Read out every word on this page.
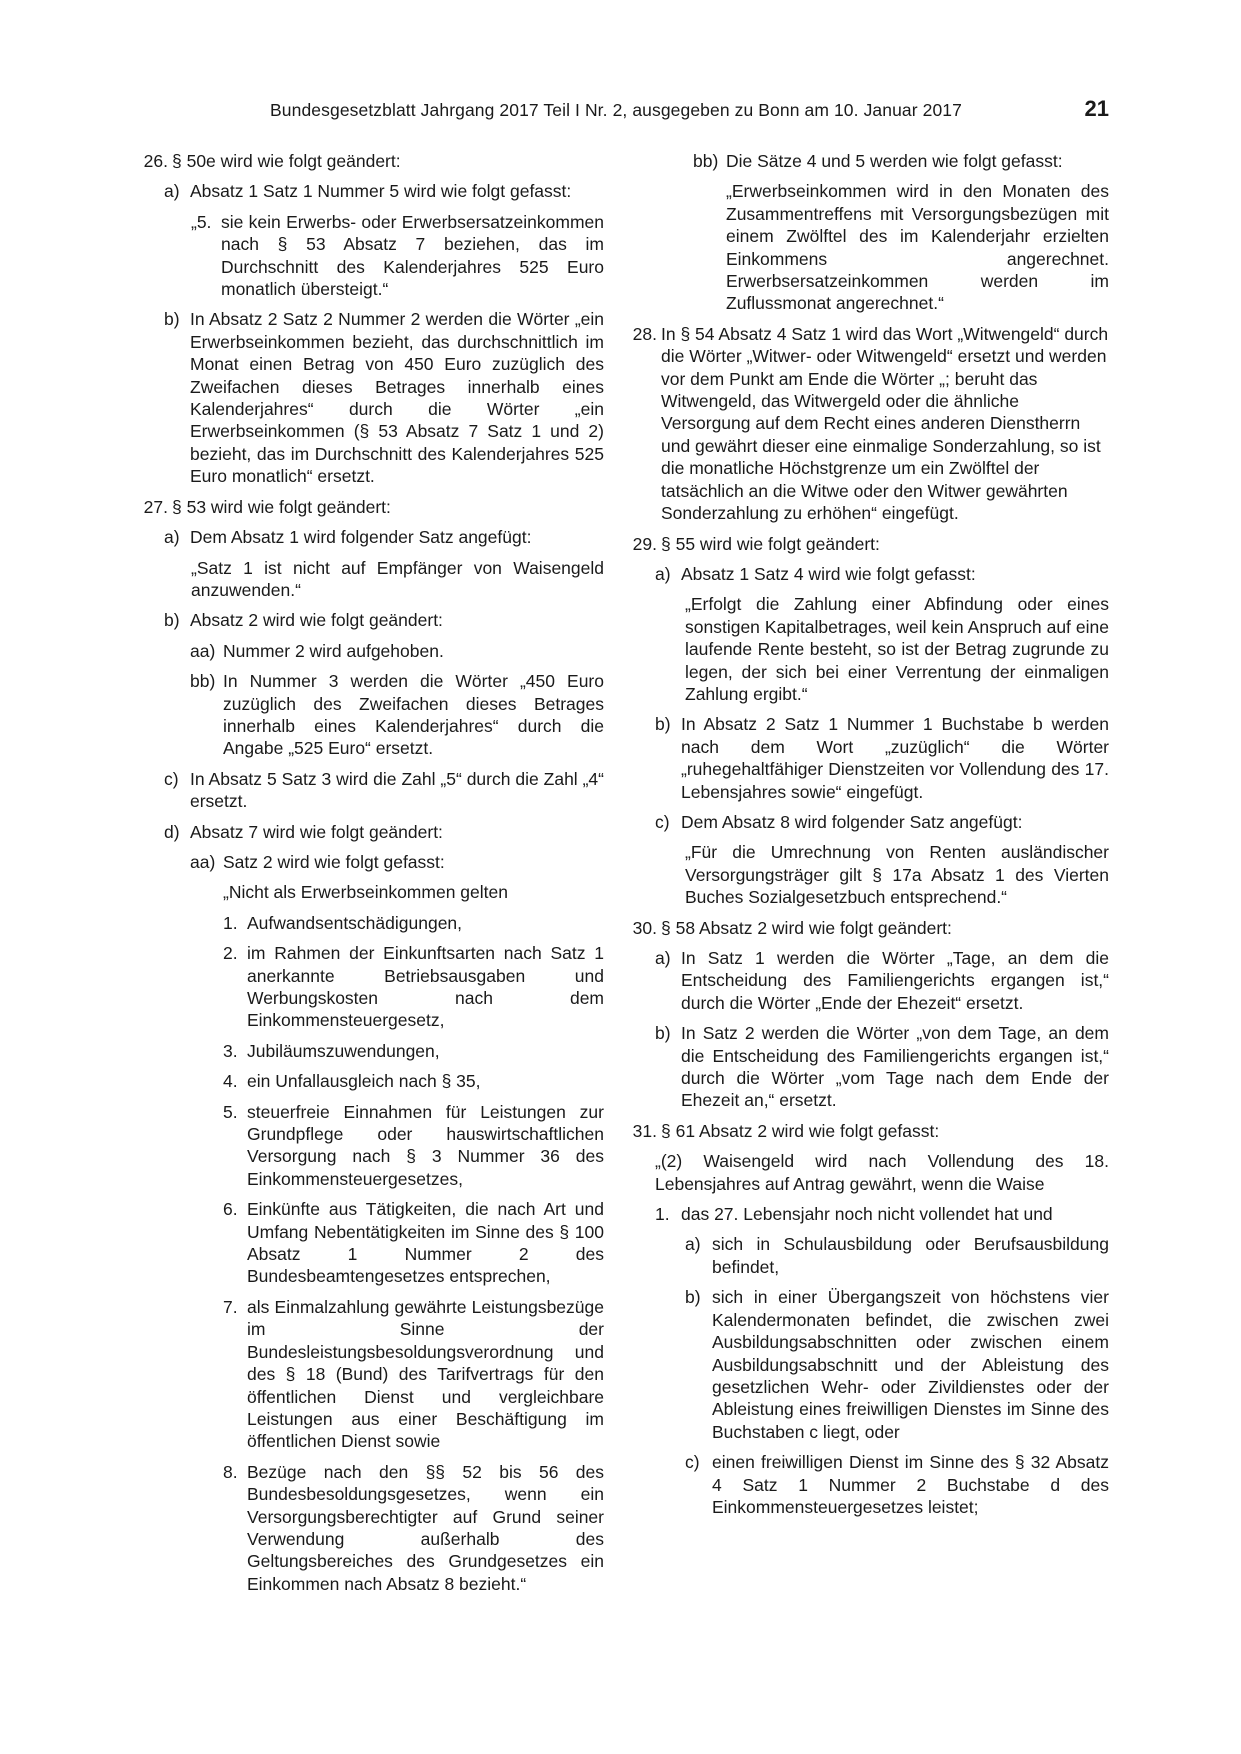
Bundesgesetzblatt Jahrgang 2017 Teil I Nr. 2, ausgegeben zu Bonn am 10. Januar 2017	21
26. § 50e wird wie folgt geändert:
a) Absatz 1 Satz 1 Nummer 5 wird wie folgt gefasst:
„5. sie kein Erwerbs- oder Erwerbsersatzeinkommen nach § 53 Absatz 7 beziehen, das im Durchschnitt des Kalenderjahres 525 Euro monatlich übersteigt.“
b) In Absatz 2 Satz 2 Nummer 2 werden die Wörter „ein Erwerbseinkommen bezieht, das durchschnittlich im Monat einen Betrag von 450 Euro zuzüglich des Zweifachen dieses Betrages innerhalb eines Kalenderjahres“ durch die Wörter „ein Erwerbseinkommen (§ 53 Absatz 7 Satz 1 und 2) bezieht, das im Durchschnitt des Kalenderjahres 525 Euro monatlich“ ersetzt.
27. § 53 wird wie folgt geändert:
a) Dem Absatz 1 wird folgender Satz angefügt:

„Satz 1 ist nicht auf Empfänger von Waisengeld anzuwenden.“

b) Absatz 2 wird wie folgt geändert:
aa) Nummer 2 wird aufgehoben.
bb) In Nummer 3 werden die Wörter „450 Euro zuzüglich des Zweifachen dieses Betrages innerhalb eines Kalenderjahres“ durch die Angabe „525 Euro“ ersetzt.
c) In Absatz 5 Satz 3 wird die Zahl „5“ durch die Zahl „4“ ersetzt.
d) Absatz 7 wird wie folgt geändert:
aa) Satz 2 wird wie folgt gefasst:

„Nicht als Erwerbseinkommen gelten

1. Aufwandsentschädigungen,
2. im Rahmen der Einkunftsarten nach Satz 1 anerkannte Betriebsausgaben und Werbungskosten nach dem Einkommensteuergesetz,
3. Jubiläumszuwendungen,
4. ein Unfallausgleich nach § 35,
5. steuerfreie Einnahmen für Leistungen zur Grundpflege oder hauswirtschaftlichen Versorgung nach § 3 Nummer 36 des Einkommensteuergesetzes,
6. Einkünfte aus Tätigkeiten, die nach Art und Umfang Nebentätigkeiten im Sinne des § 100 Absatz 1 Nummer 2 des Bundesbeamtengesetzes entsprechen,
7. als Einmalzahlung gewährte Leistungsbezüge im Sinne der Bundesleistungsbesoldungsverordnung und des § 18 (Bund) des Tarifvertrags für den öffentlichen Dienst und vergleichbare Leistungen aus einer Beschäftigung im öffentlichen Dienst sowie
8. Bezüge nach den §§ 52 bis 56 des Bundesbesoldungsgesetzes, wenn ein Versorgungsberechtigter auf Grund seiner Verwendung außerhalb des Geltungsbereiches des Grundgesetzes ein Einkommen nach Absatz 8 bezieht.“
bb) Die Sätze 4 und 5 werden wie folgt gefasst:

„Erwerbseinkommen wird in den Monaten des Zusammentreffens mit Versorgungsbezügen mit einem Zwölftel des im Kalenderjahr erzielten Einkommens angerechnet. Erwerbsersatzeinkommen werden im Zuflussmonat angerechnet.“

28. In § 54 Absatz 4 Satz 1 wird das Wort „Witwengeld“ durch die Wörter „Witwer- oder Witwengeld“ ersetzt und werden vor dem Punkt am Ende die Wörter „; beruht das Witwengeld, das Witwergeld oder die ähnliche Versorgung auf dem Recht eines anderen Dienstherrn und gewährt dieser eine einmalige Sonderzahlung, so ist die monatliche Höchstgrenze um ein Zwölftel der tatsächlich an die Witwe oder den Witwer gewährten Sonderzahlung zu erhöhen“ eingefügt.
29. § 55 wird wie folgt geändert:
a) Absatz 1 Satz 4 wird wie folgt gefasst:

„Erfolgt die Zahlung einer Abfindung oder eines sonstigen Kapitalbetrages, weil kein Anspruch auf eine laufende Rente besteht, so ist der Betrag zugrunde zu legen, der sich bei einer Verrentung der einmaligen Zahlung ergibt.“

b) In Absatz 2 Satz 1 Nummer 1 Buchstabe b werden nach dem Wort „zuzüglich“ die Wörter „ruhegehaltfähiger Dienstzeiten vor Vollendung des 17. Lebensjahres sowie“ eingefügt.
c) Dem Absatz 8 wird folgender Satz angefügt:

„Für die Umrechnung von Renten ausländischer Versorgungsträger gilt § 17a Absatz 1 des Vierten Buches Sozialgesetzbuch entsprechend.“

30. § 58 Absatz 2 wird wie folgt geändert:
a) In Satz 1 werden die Wörter „Tage, an dem die Entscheidung des Familiengerichts ergangen ist,“ durch die Wörter „Ende der Ehezeit“ ersetzt.
b) In Satz 2 werden die Wörter „von dem Tage, an dem die Entscheidung des Familiengerichts ergangen ist,“ durch die Wörter „vom Tage nach dem Ende der Ehezeit an,“ ersetzt.
31. § 61 Absatz 2 wird wie folgt gefasst:

„(2) Waisengeld wird nach Vollendung des 18. Lebensjahres auf Antrag gewährt, wenn die Waise

1. das 27. Lebensjahr noch nicht vollendet hat und
a) sich in Schulausbildung oder Berufsausbildung befindet,
b) sich in einer Übergangszeit von höchstens vier Kalendermonaten befindet, die zwischen zwei Ausbildungsabschnitten oder zwischen einem Ausbildungsabschnitt und der Ableistung des gesetzlichen Wehr- oder Zivildienstes oder der Ableistung eines freiwilligen Dienstes im Sinne des Buchstaben c liegt, oder
c) einen freiwilligen Dienst im Sinne des § 32 Absatz 4 Satz 1 Nummer 2 Buchstabe d des Einkommensteuergesetzes leistet;
